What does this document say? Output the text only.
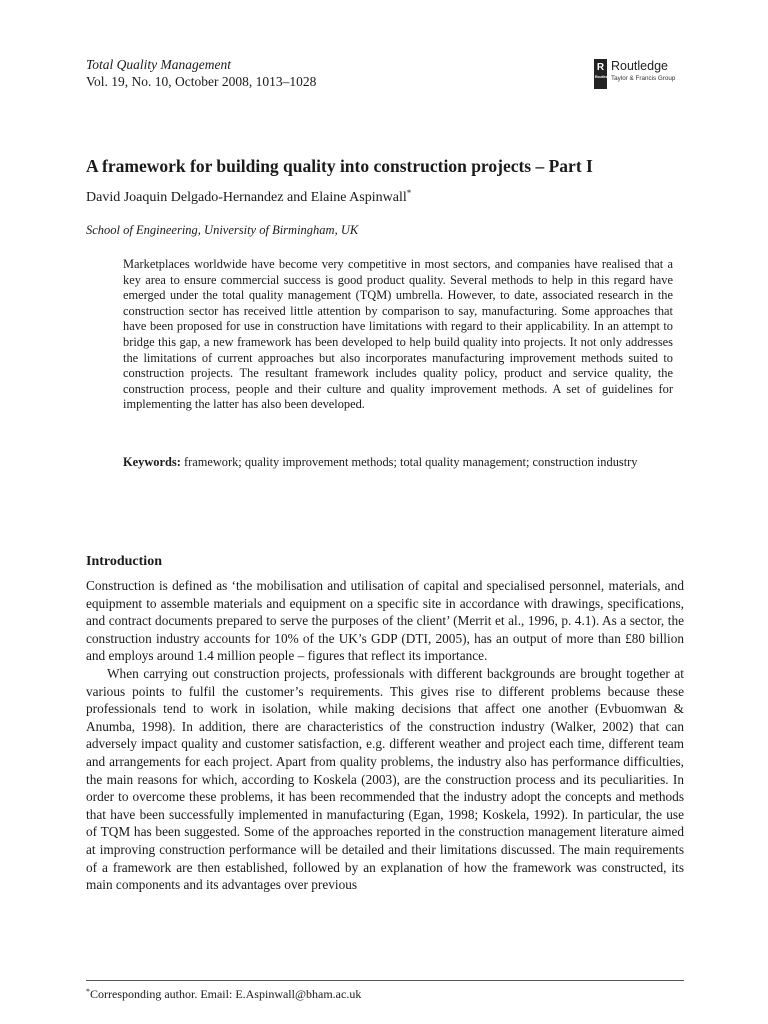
Total Quality Management
Vol. 19, No. 10, October 2008, 1013–1028
R
Routledge
Routledge
Taylor & Francis Group
A framework for building quality into construction projects – Part I
David Joaquin Delgado-Hernandez and Elaine Aspinwall*
School of Engineering, University of Birmingham, UK

Marketplaces worldwide have become very competitive in most sectors, and companies have realised that a key area to ensure commercial success is good product quality. Several methods to help in this regard have emerged under the total quality management (TQM) umbrella. However, to date, associated research in the construction sector has received little attention by comparison to say, manufacturing. Some approaches that have been proposed for use in construction have limitations with regard to their applicability. In an attempt to bridge this gap, a new framework has been developed to help build quality into projects. It not only addresses the limitations of current approaches but also incorporates manufacturing improvement methods suited to construction projects. The resultant framework includes quality policy, product and service quality, the construction process, people and their culture and quality improvement methods. A set of guidelines for implementing the latter has also been developed.

Keywords: framework; quality improvement methods; total quality management; construction industry

Introduction

Construction is defined as ‘the mobilisation and utilisation of capital and specialised personnel, materials, and equipment to assemble materials and equipment on a specific site in accordance with drawings, specifications, and contract documents prepared to serve the purposes of the client’ (Merrit et al., 1996, p. 4.1). As a sector, the construction industry accounts for 10% of the UK’s GDP (DTI, 2005), has an output of more than £80 billion and employs around 1.4 million people – figures that reflect its importance.

When carrying out construction projects, professionals with different backgrounds are brought together at various points to fulfil the customer’s requirements. This gives rise to different problems because these professionals tend to work in isolation, while making decisions that affect one another (Evbuomwan & Anumba, 1998). In addition, there are characteristics of the construction industry (Walker, 2002) that can adversely impact quality and customer satisfaction, e.g. different weather and project each time, different team and arrangements for each project. Apart from quality problems, the industry also has performance difficulties, the main reasons for which, according to Koskela (2003), are the construction process and its peculiarities. In order to overcome these problems, it has been recommended that the industry adopt the concepts and methods that have been successfully implemented in manufacturing (Egan, 1998; Koskela, 1992). In particular, the use of TQM has been suggested. Some of the approaches reported in the construction management literature aimed at improving construction performance will be detailed and their limitations discussed. The main requirements of a framework are then established, followed by an explanation of how the framework was constructed, its main components and its advantages over previous

*Corresponding author. Email: E.Aspinwall@bham.ac.uk
